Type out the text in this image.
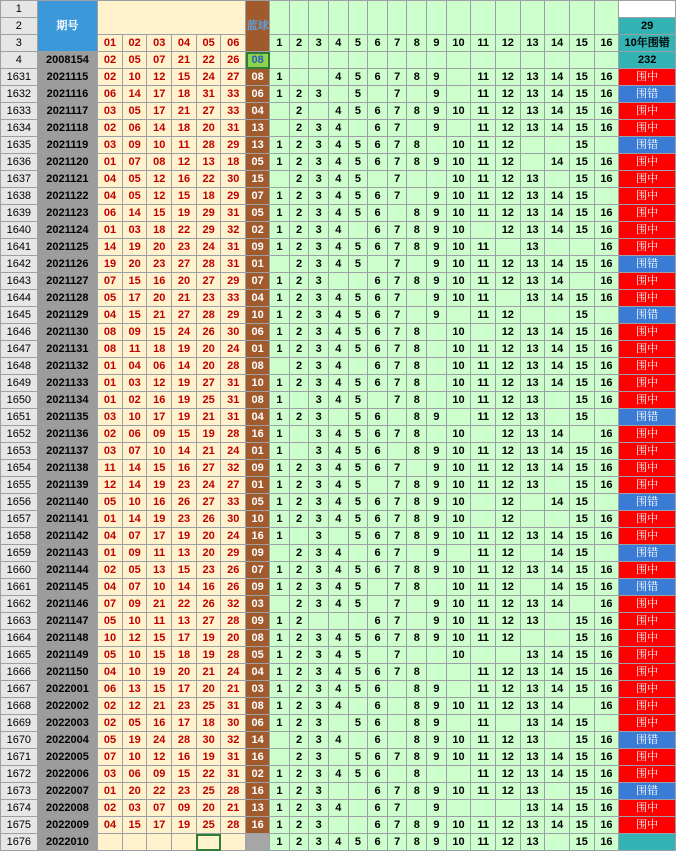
1	期号							蓝球																	
2																									29
3		01	02	03	04	05	06		1	2	3	4	5	6	7	8	9	10	11	12	13	14	15	16	10年围错
4	2008154	02	05	07	21	22	26	08																	232
1631	2021115	02	10	12	15	24	27	08	1			4	5	6	7	8	9		11	12	13	14	15	16	围中
1632	2021116	06	14	17	18	31	33	06	1	2	3		5		7		9		11	12	13	14	15	16	围错
1633	2021117	03	05	17	21	27	33	04		2		4	5	6	7	8	9	10	11	12	13	14	15	16	围中
1634	2021118	02	06	14	18	20	31	13		2	3	4		6	7		9		11	12	13	14	15	16	围中
1635	2021119	03	09	10	11	28	29	13	1	2	3	4	5	6	7	8		10	11	12			15		围错
1636	2021120	01	07	08	12	13	18	05	1	2	3	4	5	6	7	8	9	10	11	12		14	15	16	围中
1637	2021121	04	05	12	16	22	30	15		2	3	4	5		7			10	11	12	13		15	16	围中
1638	2021122	04	05	12	15	18	29	07	1	2	3	4	5	6	7		9	10	11	12	13	14	15		围中
1639	2021123	06	14	15	19	29	31	05	1	2	3	4	5	6		8	9	10	11	12	13	14	15	16	围中
1640	2021124	01	03	18	22	29	32	02	1	2	3	4		6	7	8	9	10		12	13	14	15	16	围中
1641	2021125	14	19	20	23	24	31	09	1	2	3	4	5	6	7	8	9	10	11		13			16	围中
1642	2021126	19	20	23	27	28	31	01		2	3	4	5		7		9	10	11	12	13	14	15	16	围错
1643	2021127	07	15	16	20	27	29	07	1	2	3			6	7	8	9	10	11	12	13	14		16	围中
1644	2021128	05	17	20	21	23	33	04	1	2	3	4	5	6	7		9	10	11		13	14	15	16	围中
1645	2021129	04	15	21	27	28	29	10	1	2	3	4	5	6	7		9		11	12			15		围错
1646	2021130	08	09	15	24	26	30	06	1	2	3	4	5	6	7	8		10		12	13	14	15	16	围中
1647	2021131	08	11	18	19	20	24	01	1	2	3	4	5	6	7	8		10	11	12	13	14	15	16	围中
1648	2021132	01	04	06	14	20	28	08		2	3	4		6	7	8		10	11	12	13	14	15	16	围中
1649	2021133	01	03	12	19	27	31	10	1	2	3	4	5	6	7	8		10	11	12	13	14	15	16	围中
1650	2021134	01	02	16	19	25	31	08	1		3	4	5		7	8		10	11	12	13		15	16	围中
1651	2021135	03	10	17	19	21	31	04	1	2	3		5	6		8	9		11	12	13		15		围错
1652	2021136	02	06	09	15	19	28	16	1		3	4	5	6	7	8		10		12	13	14		16	围中
1653	2021137	03	07	10	14	21	24	01	1		3	4	5	6		8	9	10	11	12	13	14	15	16	围中
1654	2021138	11	14	15	16	27	32	09	1	2	3	4	5	6	7		9	10	11	12	13	14	15	16	围中
1655	2021139	12	14	19	23	24	27	01	1	2	3	4	5		7	8	9	10	11	12	13		15	16	围中
1656	2021140	05	10	16	26	27	33	05	1	2	3	4	5	6	7	8	9	10		12		14	15		围错
1657	2021141	01	14	19	23	26	30	10	1	2	3	4	5	6	7	8	9	10		12			15	16	围中
1658	2021142	04	07	17	19	20	24	16	1		3		5	6	7	8	9	10	11	12	13	14	15	16	围中
1659	2021143	01	09	11	13	20	29	09		2	3	4		6	7		9		11	12		14	15		围错
1660	2021144	02	05	13	15	23	26	07	1	2	3	4	5	6	7	8	9	10	11	12	13	14	15	16	围中
1661	2021145	04	07	10	14	16	26	09	1	2	3	4	5		7	8		10	11	12		14	15	16	围错
1662	2021146	07	09	21	22	26	32	03		2	3	4	5		7		9	10	11	12	13	14		16	围中
1663	2021147	05	10	11	13	27	28	09	1	2				6	7		9	10	11	12	13		15	16	围中
1664	2021148	10	12	15	17	19	20	08	1	2	3	4	5	6	7	8	9	10	11	12			15	16	围中
1665	2021149	05	10	15	18	19	28	05	1	2	3	4	5		7			10			13	14	15	16	围中
1666	2021150	04	10	19	20	21	24	04	1	2	3	4	5	6	7	8			11	12	13	14	15	16	围中
1667	2022001	06	13	15	17	20	21	03	1	2	3	4	5	6		8	9		11	12	13	14	15	16	围中
1668	2022002	02	12	21	23	25	31	08	1	2	3	4		6		8	9	10	11	12	13	14		16	围中
1669	2022003	02	05	16	17	18	30	06	1	2	3		5	6		8	9		11		13	14	15		围中
1670	2022004	05	19	24	28	30	32	14		2	3	4		6		8	9	10	11	12	13		15	16	围错
1671	2022005	07	10	12	16	19	31	16		2	3		5	6	7	8	9	10	11	12	13	14	15	16	围中
1672	2022006	03	06	09	15	22	31	02	1	2	3	4	5	6		8			11	12	13	14	15	16	围中
1673	2022007	01	20	22	23	25	28	16	1	2	3			6	7	8	9	10	11	12	13		15	16	围错
1674	2022008	02	03	07	09	20	21	13	1	2	3	4		6	7		9				13	14	15	16	围中
1675	2022009	04	15	17	19	25	28	16	1	2	3			6	7	8	9	10	11	12	13	14	15	16	围中
1676	2022010								1	2	3	4	5	6	7	8	9	10	11	12	13		15	16	
